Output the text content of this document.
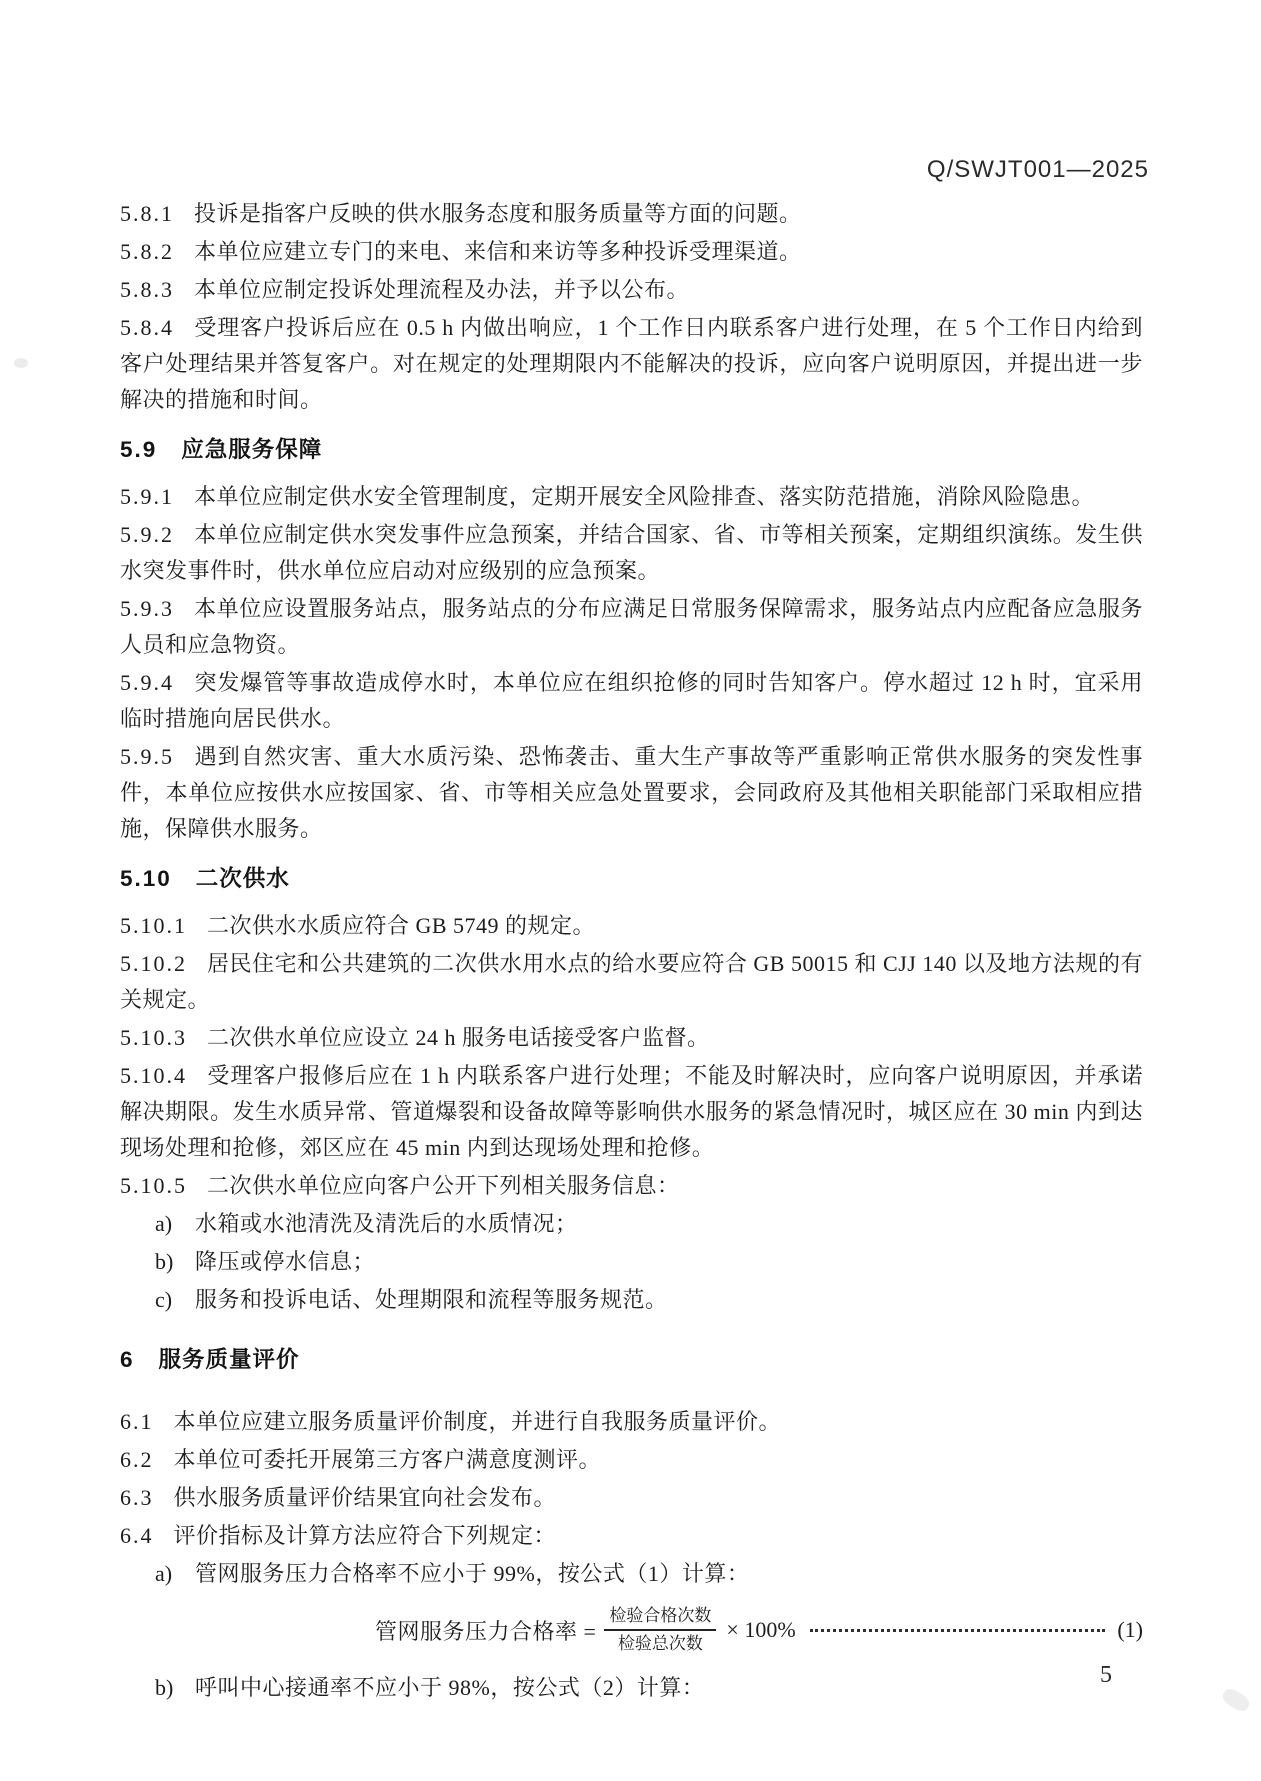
Q/SWJT001—2025

5.8.1 投诉是指客户反映的供水服务态度和服务质量等方面的问题。

5.8.2 本单位应建立专门的来电、来信和来访等多种投诉受理渠道。

5.8.3 本单位应制定投诉处理流程及办法，并予以公布。

5.8.4 受理客户投诉后应在 0.5 h 内做出响应，1 个工作日内联系客户进行处理，在 5 个工作日内给到客户处理结果并答复客户。对在规定的处理期限内不能解决的投诉，应向客户说明原因，并提出进一步解决的措施和时间。

5.9 应急服务保障

5.9.1 本单位应制定供水安全管理制度，定期开展安全风险排查、落实防范措施，消除风险隐患。

5.9.2 本单位应制定供水突发事件应急预案，并结合国家、省、市等相关预案，定期组织演练。发生供水突发事件时，供水单位应启动对应级别的应急预案。

5.9.3 本单位应设置服务站点，服务站点的分布应满足日常服务保障需求，服务站点内应配备应急服务人员和应急物资。

5.9.4 突发爆管等事故造成停水时，本单位应在组织抢修的同时告知客户。停水超过 12 h 时，宜采用临时措施向居民供水。

5.9.5 遇到自然灾害、重大水质污染、恐怖袭击、重大生产事故等严重影响正常供水服务的突发性事件，本单位应按供水应按国家、省、市等相关应急处置要求，会同政府及其他相关职能部门采取相应措施，保障供水服务。

5.10 二次供水

5.10.1 二次供水水质应符合 GB 5749 的规定。

5.10.2 居民住宅和公共建筑的二次供水用水点的给水要应符合 GB 50015 和 CJJ 140 以及地方法规的有关规定。

5.10.3 二次供水单位应设立 24 h 服务电话接受客户监督。

5.10.4 受理客户报修后应在 1 h 内联系客户进行处理；不能及时解决时，应向客户说明原因，并承诺解决期限。发生水质异常、管道爆裂和设备故障等影响供水服务的紧急情况时，城区应在 30 min 内到达现场处理和抢修，郊区应在 45 min 内到达现场处理和抢修。

5.10.5 二次供水单位应向客户公开下列相关服务信息：

a) 水箱或水池清洗及清洗后的水质情况；

b) 降压或停水信息；

c) 服务和投诉电话、处理期限和流程等服务规范。

6 服务质量评价

6.1 本单位应建立服务质量评价制度，并进行自我服务质量评价。

6.2 本单位可委托开展第三方客户满意度测评。

6.3 供水服务质量评价结果宜向社会发布。

6.4 评价指标及计算方法应符合下列规定：

a) 管网服务压力合格率不应小于 99%，按公式（1）计算：

管网服务压力合格率 = $\frac{\text{检验合格次数}}{\text{检验总次数}} \times 100\%$	(1)

b) 呼叫中心接通率不应小于 98%，按公式（2）计算：	5
